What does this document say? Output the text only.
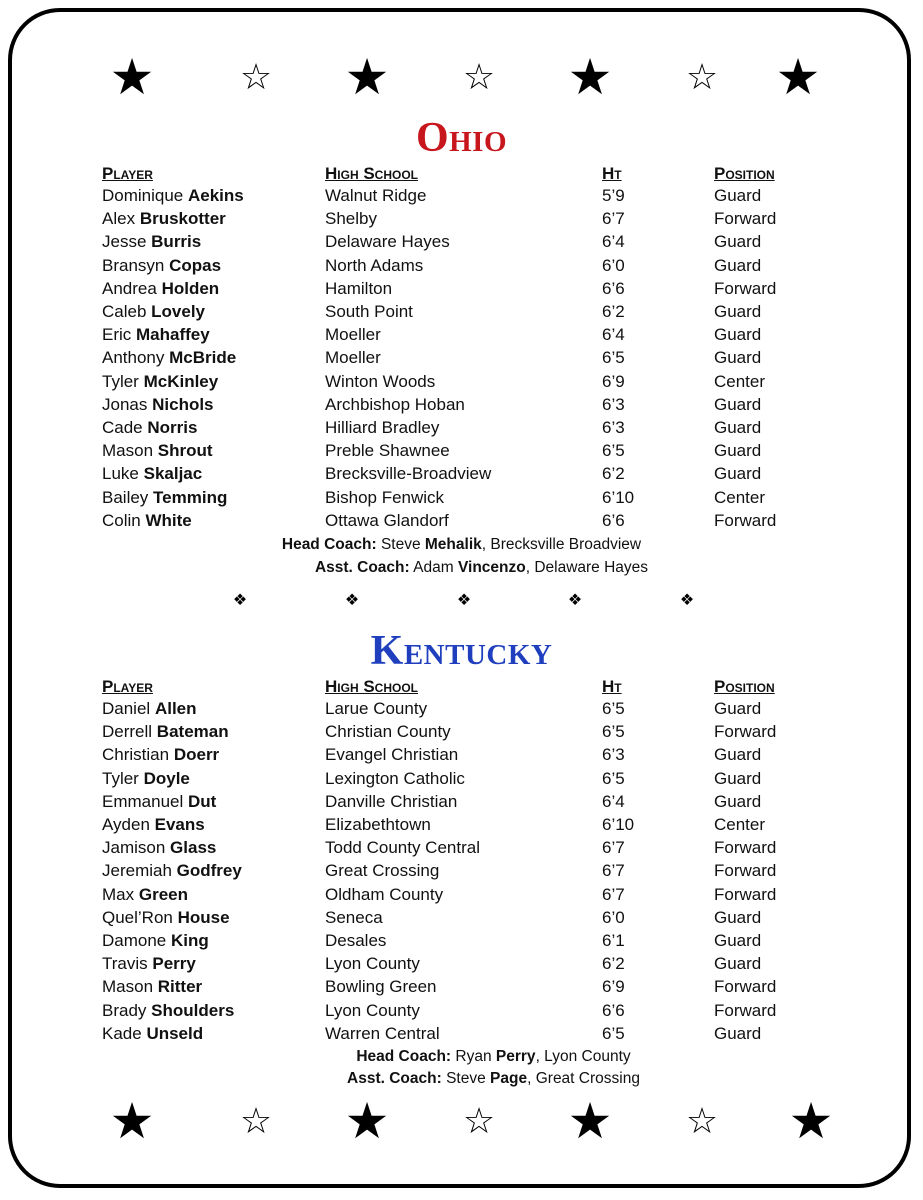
★	☆ ★	☆ ★	☆ ★
Ohio
Player	High School	Ht	Position
Dominique Aekins	Walnut Ridge	5’9	Guard
Alex Bruskotter	Shelby	6’7	Forward
Jesse Burris	Delaware Hayes	6’4	Guard
Bransyn Copas	North Adams	6’0	Guard
Andrea Holden	Hamilton	6’6	Forward
Caleb Lovely	South Point	6’2	Guard
Eric Mahaffey	Moeller	6’4	Guard
Anthony McBride	Moeller	6’5	Guard
Tyler McKinley	Winton Woods	6’9	Center
Jonas Nichols	Archbishop Hoban	6’3	Guard
Cade Norris	Hilliard Bradley	6’3	Guard
Mason Shrout	Preble Shawnee	6’5	Guard
Luke Skaljac	Brecksville-Broadview	6’2	Guard
Bailey Temming	Bishop Fenwick	6’10	Center
Colin White	Ottawa Glandorf	6’6	Forward
Head Coach: Steve Mehalik, Brecksville Broadview
Asst. Coach: Adam Vincenzo, Delaware Hayes
❖	❖	❖	❖	❖
Kentucky
Player	High School	Ht	Position
Daniel Allen	Larue County	6’5	Guard
Derrell Bateman	Christian County	6’5	Forward
Christian Doerr	Evangel Christian	6’3	Guard
Tyler Doyle	Lexington Catholic	6’5	Guard
Emmanuel Dut	Danville Christian	6’4	Guard
Ayden Evans	Elizabethtown	6’10	Center
Jamison Glass	Todd County Central	6’7	Forward
Jeremiah Godfrey	Great Crossing	6’7	Forward
Max Green	Oldham County	6’7	Forward
Quel’Ron House	Seneca	6’0	Guard
Damone King	Desales	6’1	Guard
Travis Perry	Lyon County	6’2	Guard
Mason Ritter	Bowling Green	6’9	Forward
Brady Shoulders	Lyon County	6’6	Forward
Kade Unseld	Warren Central	6’5	Guard
Head Coach: Ryan Perry, Lyon County
Asst. Coach: Steve Page, Great Crossing
★	☆ ★	☆ ★	☆ ★
